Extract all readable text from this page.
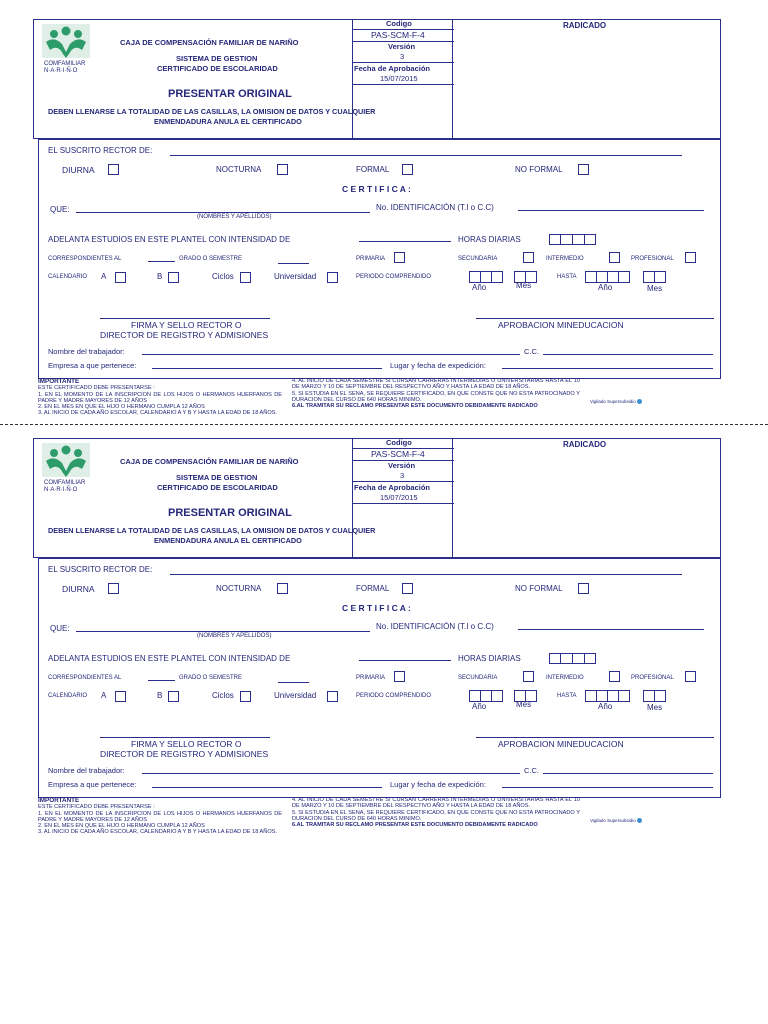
COMFAMILIAR
N·A·R·I·Ñ·O
CAJA DE COMPENSACIÓN FAMILIAR DE NARIÑO
SISTEMA DE GESTION
CERTIFICADO DE ESCOLARIDAD
Codigo
PAS-SCM-F-4
Versión
3
Fecha de Aprobación
15/07/2015
RADICADO
PRESENTAR ORIGINAL
DEBEN LLENARSE LA TOTALIDAD DE LAS CASILLAS, LA OMISION DE DATOS Y CUALQUIER
ENMENDADURA ANULA EL CERTIFICADO
EL SUSCRITO RECTOR DE:
DIURNA	NOCTURNA	FORMAL	NO FORMAL
C E R T I F I C A :
QUE:
(NOMBRES Y APELLIDOS)
No. IDENTIFICACIÓN (T.I o C.C)
ADELANTA ESTUDIOS EN ESTE PLANTEL CON INTENSIDAD DE	HORAS DIARIAS
CORRESPONDIENTES AL	GRADO O SEMESTRE	PRIMARIA	SECUNDARIA	INTERMEDIO	PROFESIONAL
CALENDARIO A	B	Ciclos	Universidad	PERIODO COMPRENDIDO	HASTA
Año	Mes	Año	Mes
FIRMA Y SELLO RECTOR O
DIRECTOR DE REGISTRO Y ADMISIONES
APROBACION MINEDUCACION
Nombre del trabajador:	C.C.
Empresa a que pertenece:	Lugar y fecha de expedición:
IMPORTANTE
ESTE CERTIFICADO DEBE PRESENTARSE :
1. EN EL MOMENTO DE LA INSCRIPCION DE LOS HIJOS O HERMANOS HUERFANOS DE PADRE Y MADRE MAYORES DE 12 AÑOS
2. EN EL MES EN QUE EL HIJO O HERMANO CUMPLA 12 AÑOS
3. AL INICIO DE CADA AÑO ESCOLAR, CALENDARIO A Y B Y HASTA LA EDAD DE 18 AÑOS.
4. AL INICIO DE CADA SEMESTRE SI CURSAN CARRERAS INTERMEDIAS O UNIVERSITARIAS HASTA EL 10 DE MARZO Y 10 DE SEPTIEMBRE DEL RESPECTIVO AÑO Y HASTA LA EDAD DE 18 AÑOS.
5. SI ESTUDIA EN EL SENA, SE REQUIERE CERTIFICADO, EN QUE CONSTE QUE NO ESTA PATROCINADO Y DURACION DEL CURSO DE 640 HORAS MINIMO.
6.AL TRAMITAR SU RECLAMO PRESENTAR ESTE DOCUMENTO DEBIDAMENTE RADICADO
Vigilado Supersubsidio
COMFAMILIAR
N·A·R·I·Ñ·O
CAJA DE COMPENSACIÓN FAMILIAR DE NARIÑO
SISTEMA DE GESTION
CERTIFICADO DE ESCOLARIDAD
Codigo
PAS-SCM-F-4
Versión
3
Fecha de Aprobación
15/07/2015
RADICADO
PRESENTAR ORIGINAL
DEBEN LLENARSE LA TOTALIDAD DE LAS CASILLAS, LA OMISION DE DATOS Y CUALQUIER
ENMENDADURA ANULA EL CERTIFICADO
EL SUSCRITO RECTOR DE:
DIURNA	NOCTURNA	FORMAL	NO FORMAL
C E R T I F I C A :
QUE:
(NOMBRES Y APELLIDOS)
No. IDENTIFICACIÓN (T.I o C.C)
ADELANTA ESTUDIOS EN ESTE PLANTEL CON INTENSIDAD DE	HORAS DIARIAS
CORRESPONDIENTES AL	GRADO O SEMESTRE	PRIMARIA	SECUNDARIA	INTERMEDIO	PROFESIONAL
CALENDARIO A	B	Ciclos	Universidad	PERIODO COMPRENDIDO	HASTA
Año	Mes	Año	Mes
FIRMA Y SELLO RECTOR O
DIRECTOR DE REGISTRO Y ADMISIONES
APROBACION MINEDUCACION
Nombre del trabajador:	C.C.
Empresa a que pertenece:	Lugar y fecha de expedición:
IMPORTANTE
ESTE CERTIFICADO DEBE PRESENTARSE :
1. EN EL MOMENTO DE LA INSCRIPCION DE LOS HIJOS O HERMANOS HUERFANOS DE PADRE Y MADRE MAYORES DE 12 AÑOS
2. EN EL MES EN QUE EL HIJO O HERMANO CUMPLA 12 AÑOS
3. AL INICIO DE CADA AÑO ESCOLAR, CALENDARIO A Y B Y HASTA LA EDAD DE 18 AÑOS.
4. AL INICIO DE CADA SEMESTRE SI CURSAN CARRERAS INTERMEDIAS O UNIVERSITARIAS HASTA EL 10 DE MARZO Y 10 DE SEPTIEMBRE DEL RESPECTIVO AÑO Y HASTA LA EDAD DE 18 AÑOS.
5. SI ESTUDIA EN EL SENA, SE REQUIERE CERTIFICADO, EN QUE CONSTE QUE NO ESTA PATROCINADO Y DURACION DEL CURSO DE 640 HORAS MINIMO.
6.AL TRAMITAR SU RECLAMO PRESENTAR ESTE DOCUMENTO DEBIDAMENTE RADICADO
Vigilado Supersubsidio
